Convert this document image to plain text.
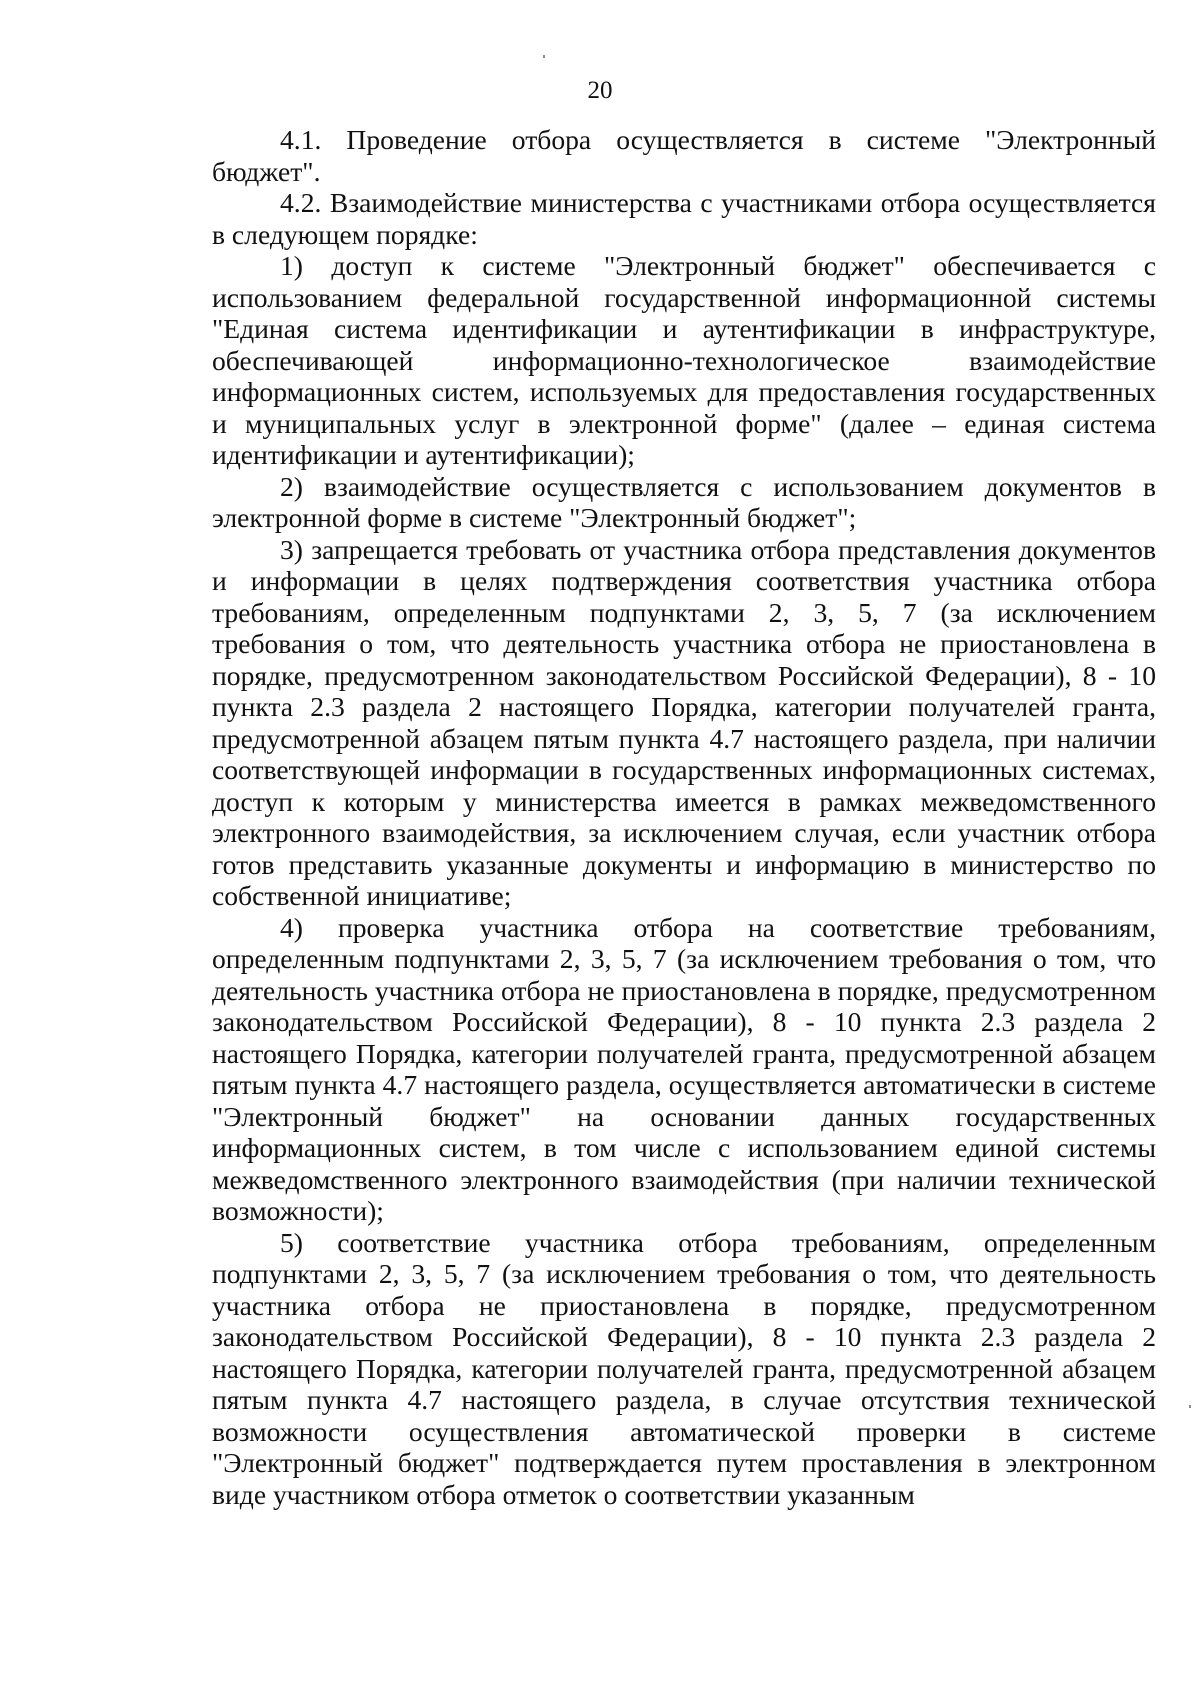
20

4.1. Проведение отбора осуществляется в системе "Электронный бюджет".

4.2. Взаимодействие министерства с участниками отбора осуществляется в следующем порядке:

1) доступ к системе "Электронный бюджет" обеспечивается с использованием федеральной государственной информационной системы "Единая система идентификации и аутентификации в инфраструктуре, обеспечивающей информационно-технологическое взаимодействие информационных систем, используемых для предоставления государственных и муниципальных услуг в электронной форме" (далее – единая система идентификации и аутентификации);

2) взаимодействие осуществляется с использованием документов в электронной форме в системе "Электронный бюджет";

3) запрещается требовать от участника отбора представления документов и информации в целях подтверждения соответствия участника отбора требованиям, определенным подпунктами 2, 3, 5, 7 (за исключением требования о том, что деятельность участника отбора не приостановлена в порядке, предусмотренном законодательством Российской Федерации), 8 - 10 пункта 2.3 раздела 2 настоящего Порядка, категории получателей гранта, предусмотренной абзацем пятым пункта 4.7 настоящего раздела, при наличии соответствующей информации в государственных информационных системах, доступ к которым у министерства имеется в рамках межведомственного электронного взаимодействия, за исключением случая, если участник отбора готов представить указанные документы и информацию в министерство по собственной инициативе;

4) проверка участника отбора на соответствие требованиям, определенным подпунктами 2, 3, 5, 7 (за исключением требования о том, что деятельность участника отбора не приостановлена в порядке, предусмотренном законодательством Российской Федерации), 8 - 10 пункта 2.3 раздела 2 настоящего Порядка, категории получателей гранта, предусмотренной абзацем пятым пункта 4.7 настоящего раздела, осуществляется автоматически в системе "Электронный бюджет" на основании данных государственных информационных систем, в том числе с использованием единой системы межведомственного электронного взаимодействия (при наличии технической возможности);

5) соответствие участника отбора требованиям, определенным подпунктами 2, 3, 5, 7 (за исключением требования о том, что деятельность участника отбора не приостановлена в порядке, предусмотренном законодательством Российской Федерации), 8 - 10 пункта 2.3 раздела 2 настоящего Порядка, категории получателей гранта, предусмотренной абзацем пятым пункта 4.7 настоящего раздела, в случае отсутствия технической возможности осуществления автоматической проверки в системе "Электронный бюджет" подтверждается путем проставления в электронном виде участником отбора отметок о соответствии указанным
